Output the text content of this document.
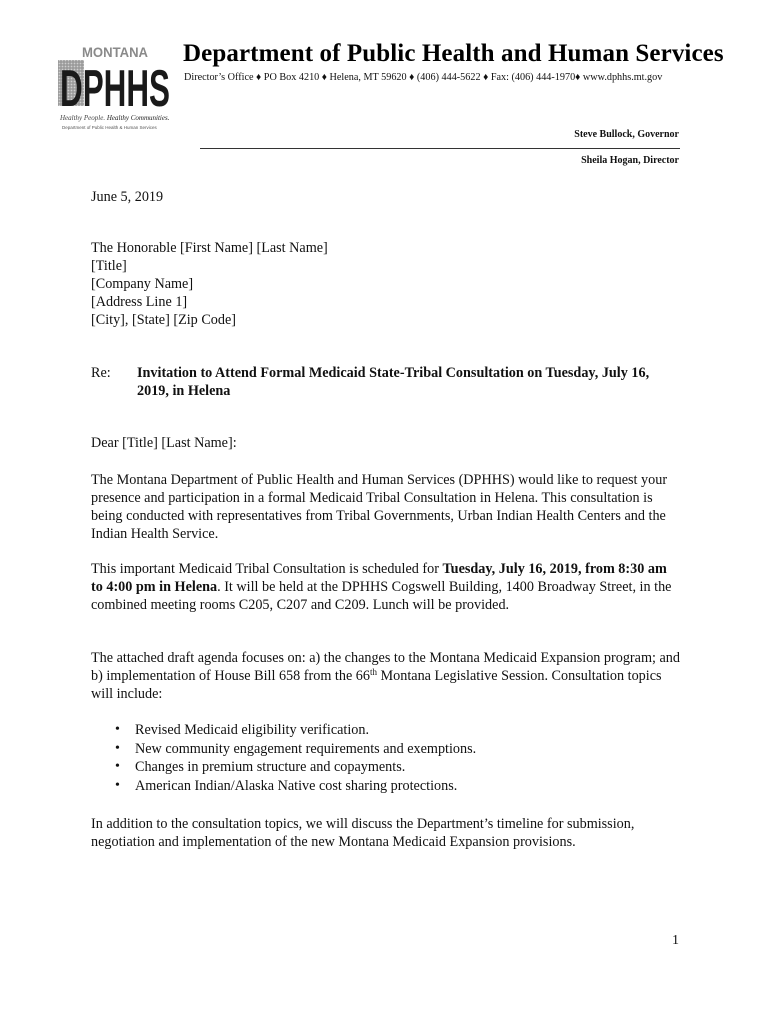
MONTANA
DPHHS
Healthy People. Healthy Communities.
Department of Public Health & Human Services
Department of Public Health and Human Services
Director’s Office ♦ PO Box 4210 ♦ Helena, MT 59620 ♦ (406) 444-5622 ♦ Fax: (406) 444-1970♦ www.dphhs.mt.gov
Steve Bullock, Governor
Sheila Hogan, Director
June 5, 2019
The Honorable [First Name] [Last Name]
[Title]
[Company Name]
[Address Line 1]
[City], [State] [Zip Code]
Re: Invitation to Attend Formal Medicaid State-Tribal Consultation on Tuesday, July 16, 2019, in Helena
Dear [Title] [Last Name]:
The Montana Department of Public Health and Human Services (DPHHS) would like to request your presence and participation in a formal Medicaid Tribal Consultation in Helena. This consultation is being conducted with representatives from Tribal Governments, Urban Indian Health Centers and the Indian Health Service.
This important Medicaid Tribal Consultation is scheduled for Tuesday, July 16, 2019, from 8:30 am to 4:00 pm in Helena. It will be held at the DPHHS Cogswell Building, 1400 Broadway Street, in the combined meeting rooms C205, C207 and C209. Lunch will be provided.
The attached draft agenda focuses on: a) the changes to the Montana Medicaid Expansion program; and b) implementation of House Bill 658 from the 66th Montana Legislative Session. Consultation topics will include:
• Revised Medicaid eligibility verification.
• New community engagement requirements and exemptions.
• Changes in premium structure and copayments.
• American Indian/Alaska Native cost sharing protections.
In addition to the consultation topics, we will discuss the Department’s timeline for submission, negotiation and implementation of the new Montana Medicaid Expansion provisions.
1
